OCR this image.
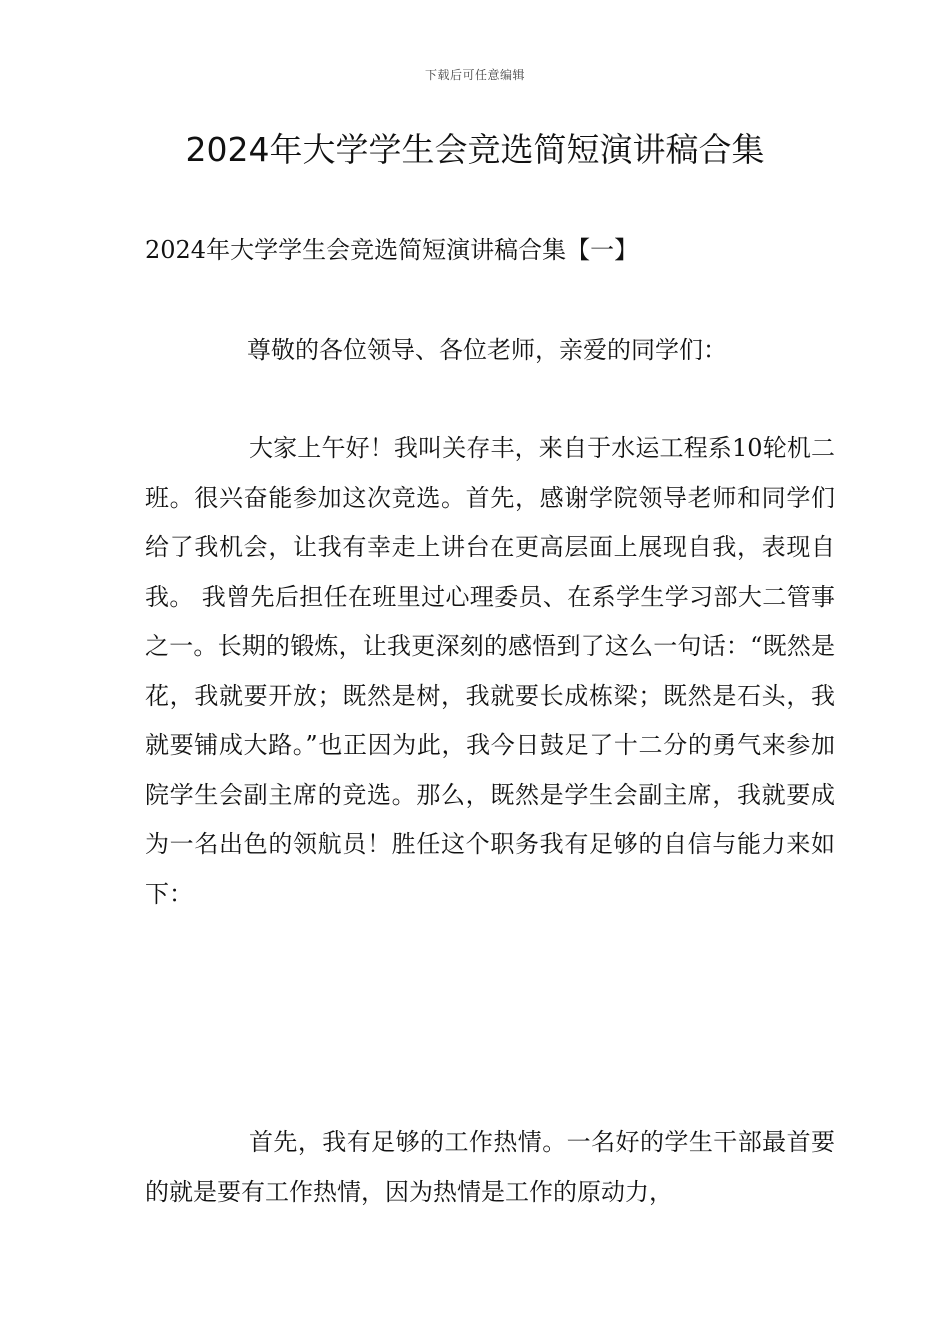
下载后可任意编辑
2024年大学学生会竞选简短演讲稿合集
2024年大学学生会竞选简短演讲稿合集【一】

尊敬的各位领导、各位老师，亲爱的同学们：

大家上午好！我叫关存丰，来自于水运工程系10轮机二班。很兴奋能参加这次竞选。首先，感谢学院领导老师和同学们给了我机会，让我有幸走上讲台在更高层面上展现自我，表现自我。 我曾先后担任在班里过心理委员、在系学生学习部大二管事之一。长期的锻炼，让我更深刻的感悟到了这么一句话：“既然是花，我就要开放；既然是树，我就要长成栋梁；既然是石头，我就要铺成大路。”也正因为此，我今日鼓足了十二分的勇气来参加院学生会副主席的竞选。那么，既然是学生会副主席，我就要成为一名出色的领航员！胜任这个职务我有足够的自信与能力来如下：

首先，我有足够的工作热情。一名好的学生干部最首要的就是要有工作热情，因为热情是工作的原动力，
